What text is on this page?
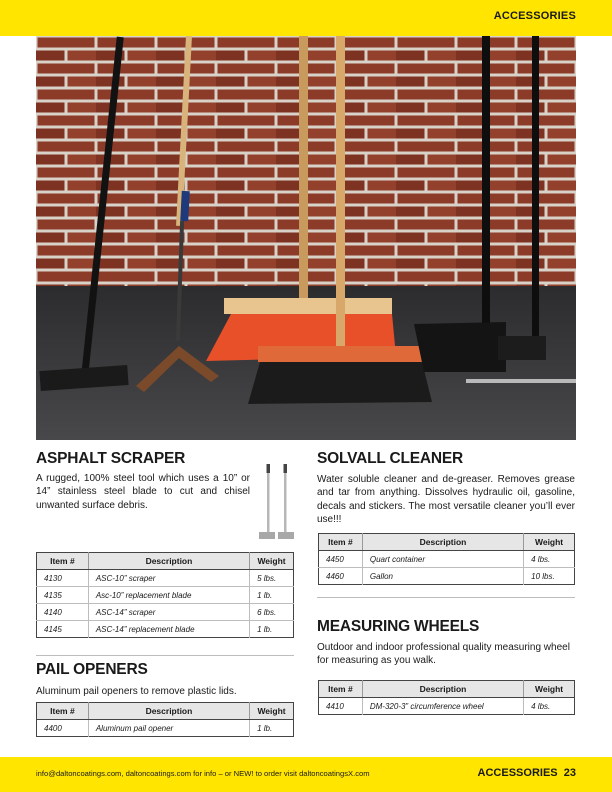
ACCESSORIES
ASPHALT SCRAPER

A rugged, 100% steel tool which uses a 10” or 14” stainless steel blade to cut and chisel unwanted surface debris.

Item #	Description	Weight
4130	ASC-10” scraper	5 lbs.
4135	Asc-10” replacement blade	1 lb.
4140	ASC-14” scraper	6 lbs.
4145	ASC-14” replacement blade	1 lb.
PAIL OPENERS

Aluminum pail openers to remove plastic lids.

Item #	Description	Weight
4400	Aluminum pail opener	1 lb.
SOLVALL CLEANER

Water soluble cleaner and de-greaser. Removes grease and tar from anything. Dissolves hydraulic oil, gasoline, decals and stickers. The most versatile cleaner you’ll ever use!!!

Item #	Description	Weight
4450	Quart container	4 lbs.
4460	Gallon	10 lbs.
MEASURING WHEELS

Outdoor and indoor professional quality measuring wheel for measuring as you walk.

Item #	Description	Weight
4410	DM-320-3” circumference wheel	4 lbs.
info@daltoncoatings.com, daltoncoatings.com for info – or NEW! to order visit daltoncoatingsX.com	ACCESSORIES 23
